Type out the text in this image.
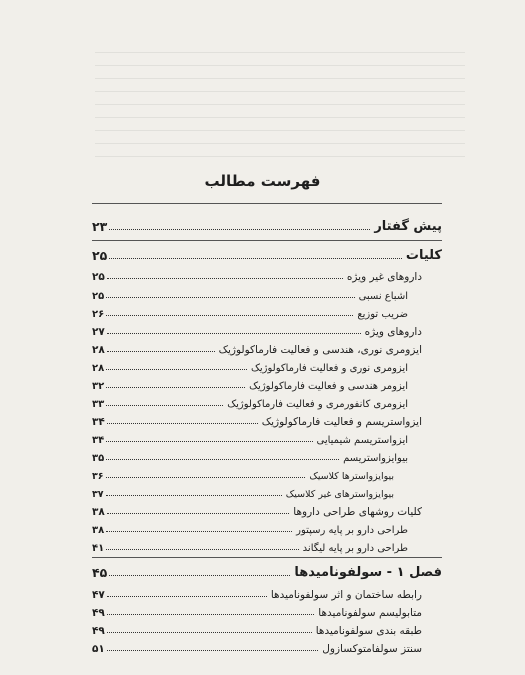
فهرست مطالب
پیش گفتار
۲۳
کلیات
۲۵
داروهای غیر ویژه
۲۵
اشباع نسبی
۲۵
ضریب توزیع
۲۶
داروهای ویژه
۲۷
ایزومری نوری، هندسی و فعالیت فارماکولوژیک
۲۸
ایزومری نوری و فعالیت فارماکولوژیک
۲۸
ایزومر هندسی و فعالیت فارماکولوژیک
۳۲
ایزومری کانفورمری و فعالیت فارماکولوژیک
۳۳
ایزواستریسم و فعالیت فارماکولوژیک
۳۴
ایزواستریسم شیمیایی
۳۴
بیوایزواستریسم
۳۵
بیوایزواسترها کلاسیک
۳۶
بیوایزواسترهای غیر کلاسیک
۳۷
کلیات روشهای طراحی داروها
۳۸
طراحی دارو بر پایه رسپتور
۳۸
طراحی دارو بر پایه لیگاند
۴۱
فصل ۱ - سولفونامیدها
۴۵
رابطه ساختمان و اثر سولفونامیدها
۴۷
متابولیسم سولفونامیدها
۴۹
طبقه بندی سولفونامیدها
۴۹
سنتز سولفامتوکسازول
۵۱
